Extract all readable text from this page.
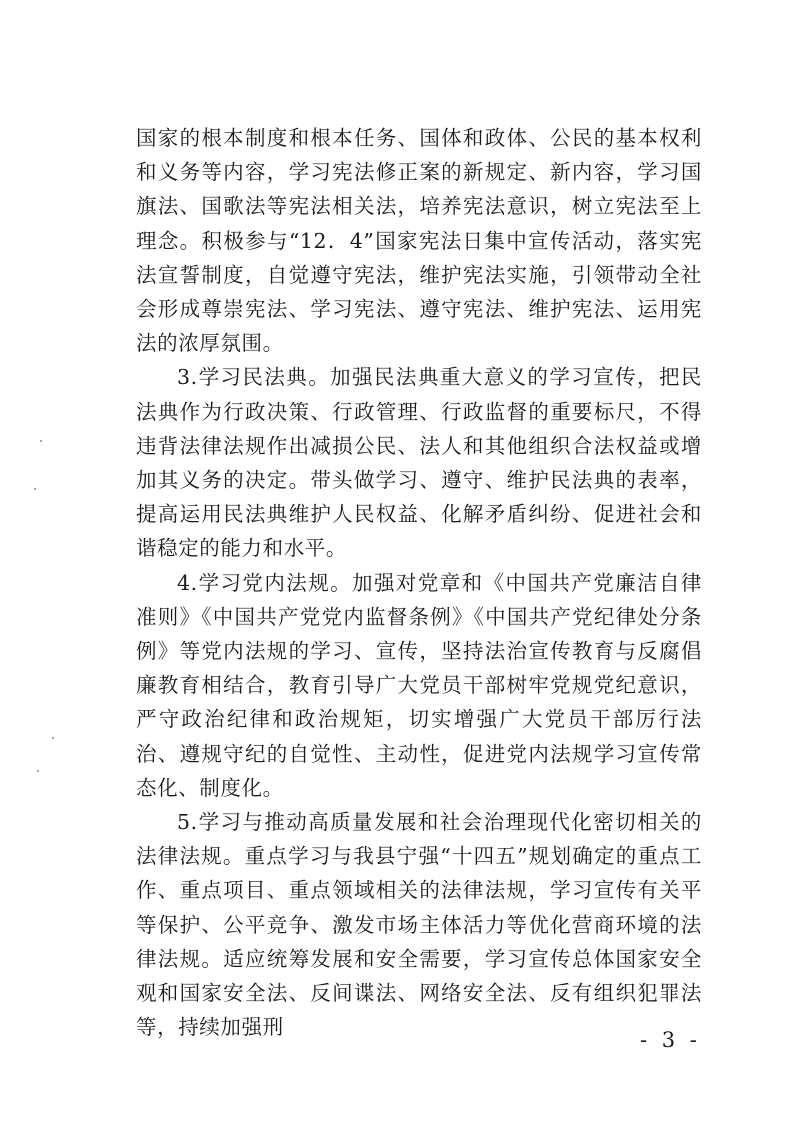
国家的根本制度和根本任务、国体和政体、公民的基本权利和义务等内容，学习宪法修正案的新规定、新内容，学习国旗法、国歌法等宪法相关法，培养宪法意识，树立宪法至上理念。积极参与“12．4”国家宪法日集中宣传活动，落实宪法宣誓制度，自觉遵守宪法，维护宪法实施，引领带动全社会形成尊崇宪法、学习宪法、遵守宪法、维护宪法、运用宪法的浓厚氛围。

3.学习民法典。加强民法典重大意义的学习宣传，把民法典作为行政决策、行政管理、行政监督的重要标尺，不得违背法律法规作出减损公民、法人和其他组织合法权益或增加其义务的决定。带头做学习、遵守、维护民法典的表率，提高运用民法典维护人民权益、化解矛盾纠纷、促进社会和谐稳定的能力和水平。

4.学习党内法规。加强对党章和《中国共产党廉洁自律准则》《中国共产党党内监督条例》《中国共产党纪律处分条例》等党内法规的学习、宣传，坚持法治宣传教育与反腐倡廉教育相结合，教育引导广大党员干部树牢党规党纪意识，严守政治纪律和政治规矩，切实增强广大党员干部厉行法治、遵规守纪的自觉性、主动性，促进党内法规学习宣传常态化、制度化。

5.学习与推动高质量发展和社会治理现代化密切相关的法律法规。重点学习与我县宁强“十四五”规划确定的重点工作、重点项目、重点领域相关的法律法规，学习宣传有关平等保护、公平竞争、激发市场主体活力等优化营商环境的法律法规。适应统筹发展和安全需要，学习宣传总体国家安全观和国家安全法、反间谍法、网络安全法、反有组织犯罪法等，持续加强刑

- 3 -
